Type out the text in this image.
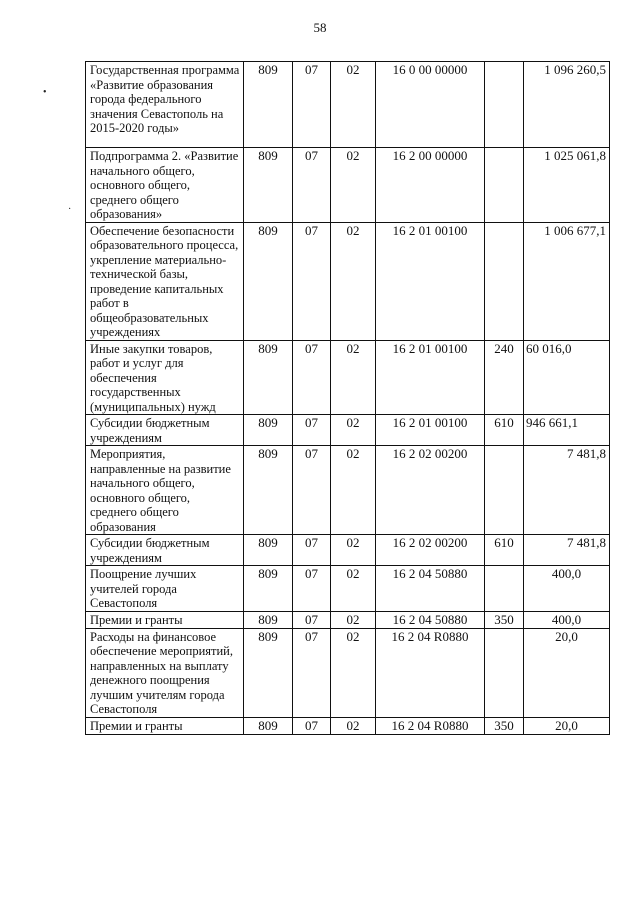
58
•
·
Государственная программа «Развитие образования города федерального значения Севастополь на 2015-2020 годы»	809	07	02	16 0 00 00000		1 096 260,5
Подпрограмма 2. «Развитие начального общего, основного общего, среднего общего образования»	809	07	02	16 2 00 00000		1 025 061,8
Обеспечение безопасности образовательного процесса, укрепление материально-технической базы, проведение капитальных работ в общеобразовательных учреждениях	809	07	02	16 2 01 00100		1 006 677,1
Иные закупки товаров, работ и услуг для обеспечения государственных (муниципальных) нужд	809	07	02	16 2 01 00100	240	60 016,0
Субсидии бюджетным учреждениям	809	07	02	16 2 01 00100	610	946 661,1
Мероприятия, направленные на развитие начального общего, основного общего, среднего общего образования	809	07	02	16 2 02 00200		7 481,8
Субсидии бюджетным учреждениям	809	07	02	16 2 02 00200	610	7 481,8
Поощрение лучших учителей города Севастополя	809	07	02	16 2 04 50880		400,0
Премии и гранты	809	07	02	16 2 04 50880	350	400,0
Расходы на финансовое обеспечение мероприятий, направленных на выплату денежного поощрения лучшим учителям города Севастополя	809	07	02	16 2 04 R0880		20,0
Премии и гранты	809	07	02	16 2 04 R0880	350	20,0
